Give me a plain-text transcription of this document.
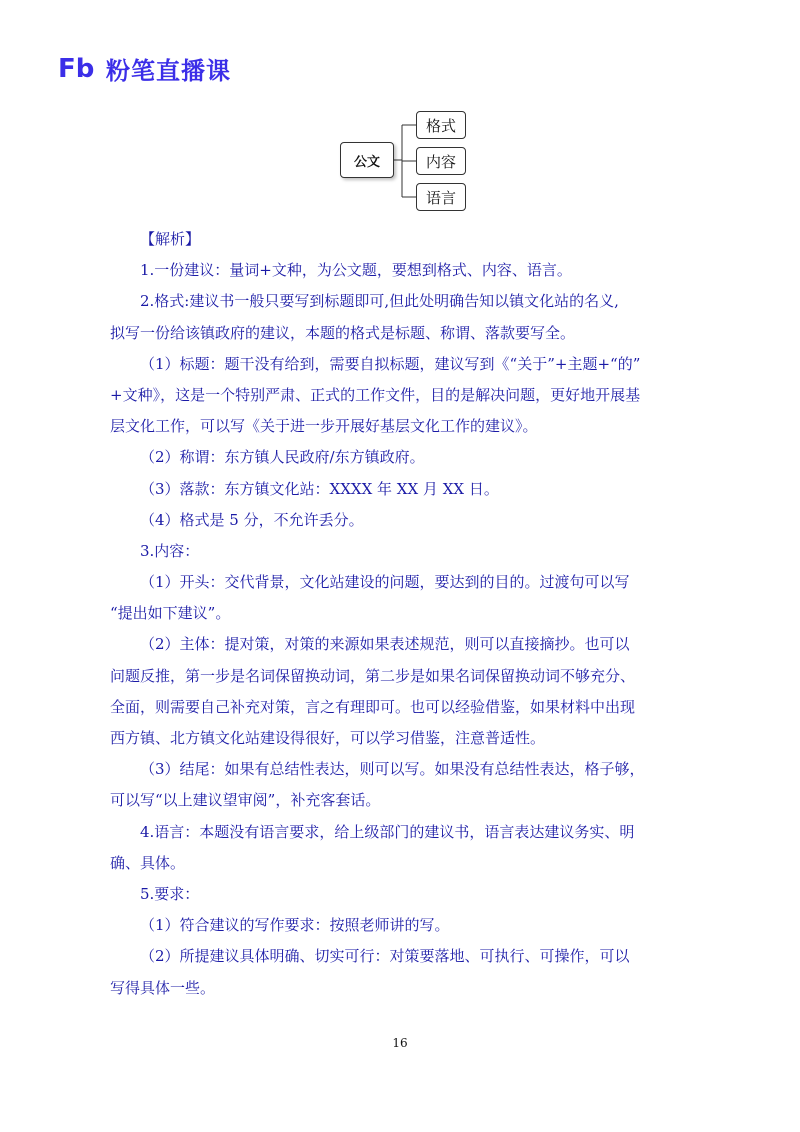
Fb 粉笔直播课
公文
格式
内容
语言
【解析】
1.一份建议：量词+文种，为公文题，要想到格式、内容、语言。
2.格式:建议书一般只要写到标题即可,但此处明确告知以镇文化站的名义,
拟写一份给该镇政府的建议，本题的格式是标题、称谓、落款要写全。
（1）标题：题干没有给到，需要自拟标题，建议写到《“关于”+主题+“的”
+文种》，这是一个特别严肃、正式的工作文件，目的是解决问题，更好地开展基
层文化工作，可以写《关于进一步开展好基层文化工作的建议》。
（2）称谓：东方镇人民政府/东方镇政府。
（3）落款：东方镇文化站：XXXX 年 XX 月 XX 日。
（4）格式是 5 分，不允许丢分。
3.内容：
（1）开头：交代背景，文化站建设的问题，要达到的目的。过渡句可以写
“提出如下建议”。
（2）主体：提对策，对策的来源如果表述规范，则可以直接摘抄。也可以
问题反推，第一步是名词保留换动词，第二步是如果名词保留换动词不够充分、
全面，则需要自己补充对策，言之有理即可。也可以经验借鉴，如果材料中出现
西方镇、北方镇文化站建设得很好，可以学习借鉴，注意普适性。
（3）结尾：如果有总结性表达，则可以写。如果没有总结性表达，格子够，
可以写“以上建议望审阅”，补充客套话。
4.语言：本题没有语言要求，给上级部门的建议书，语言表达建议务实、明
确、具体。
5.要求：
（1）符合建议的写作要求：按照老师讲的写。
（2）所提建议具体明确、切实可行：对策要落地、可执行、可操作，可以
写得具体一些。
16
